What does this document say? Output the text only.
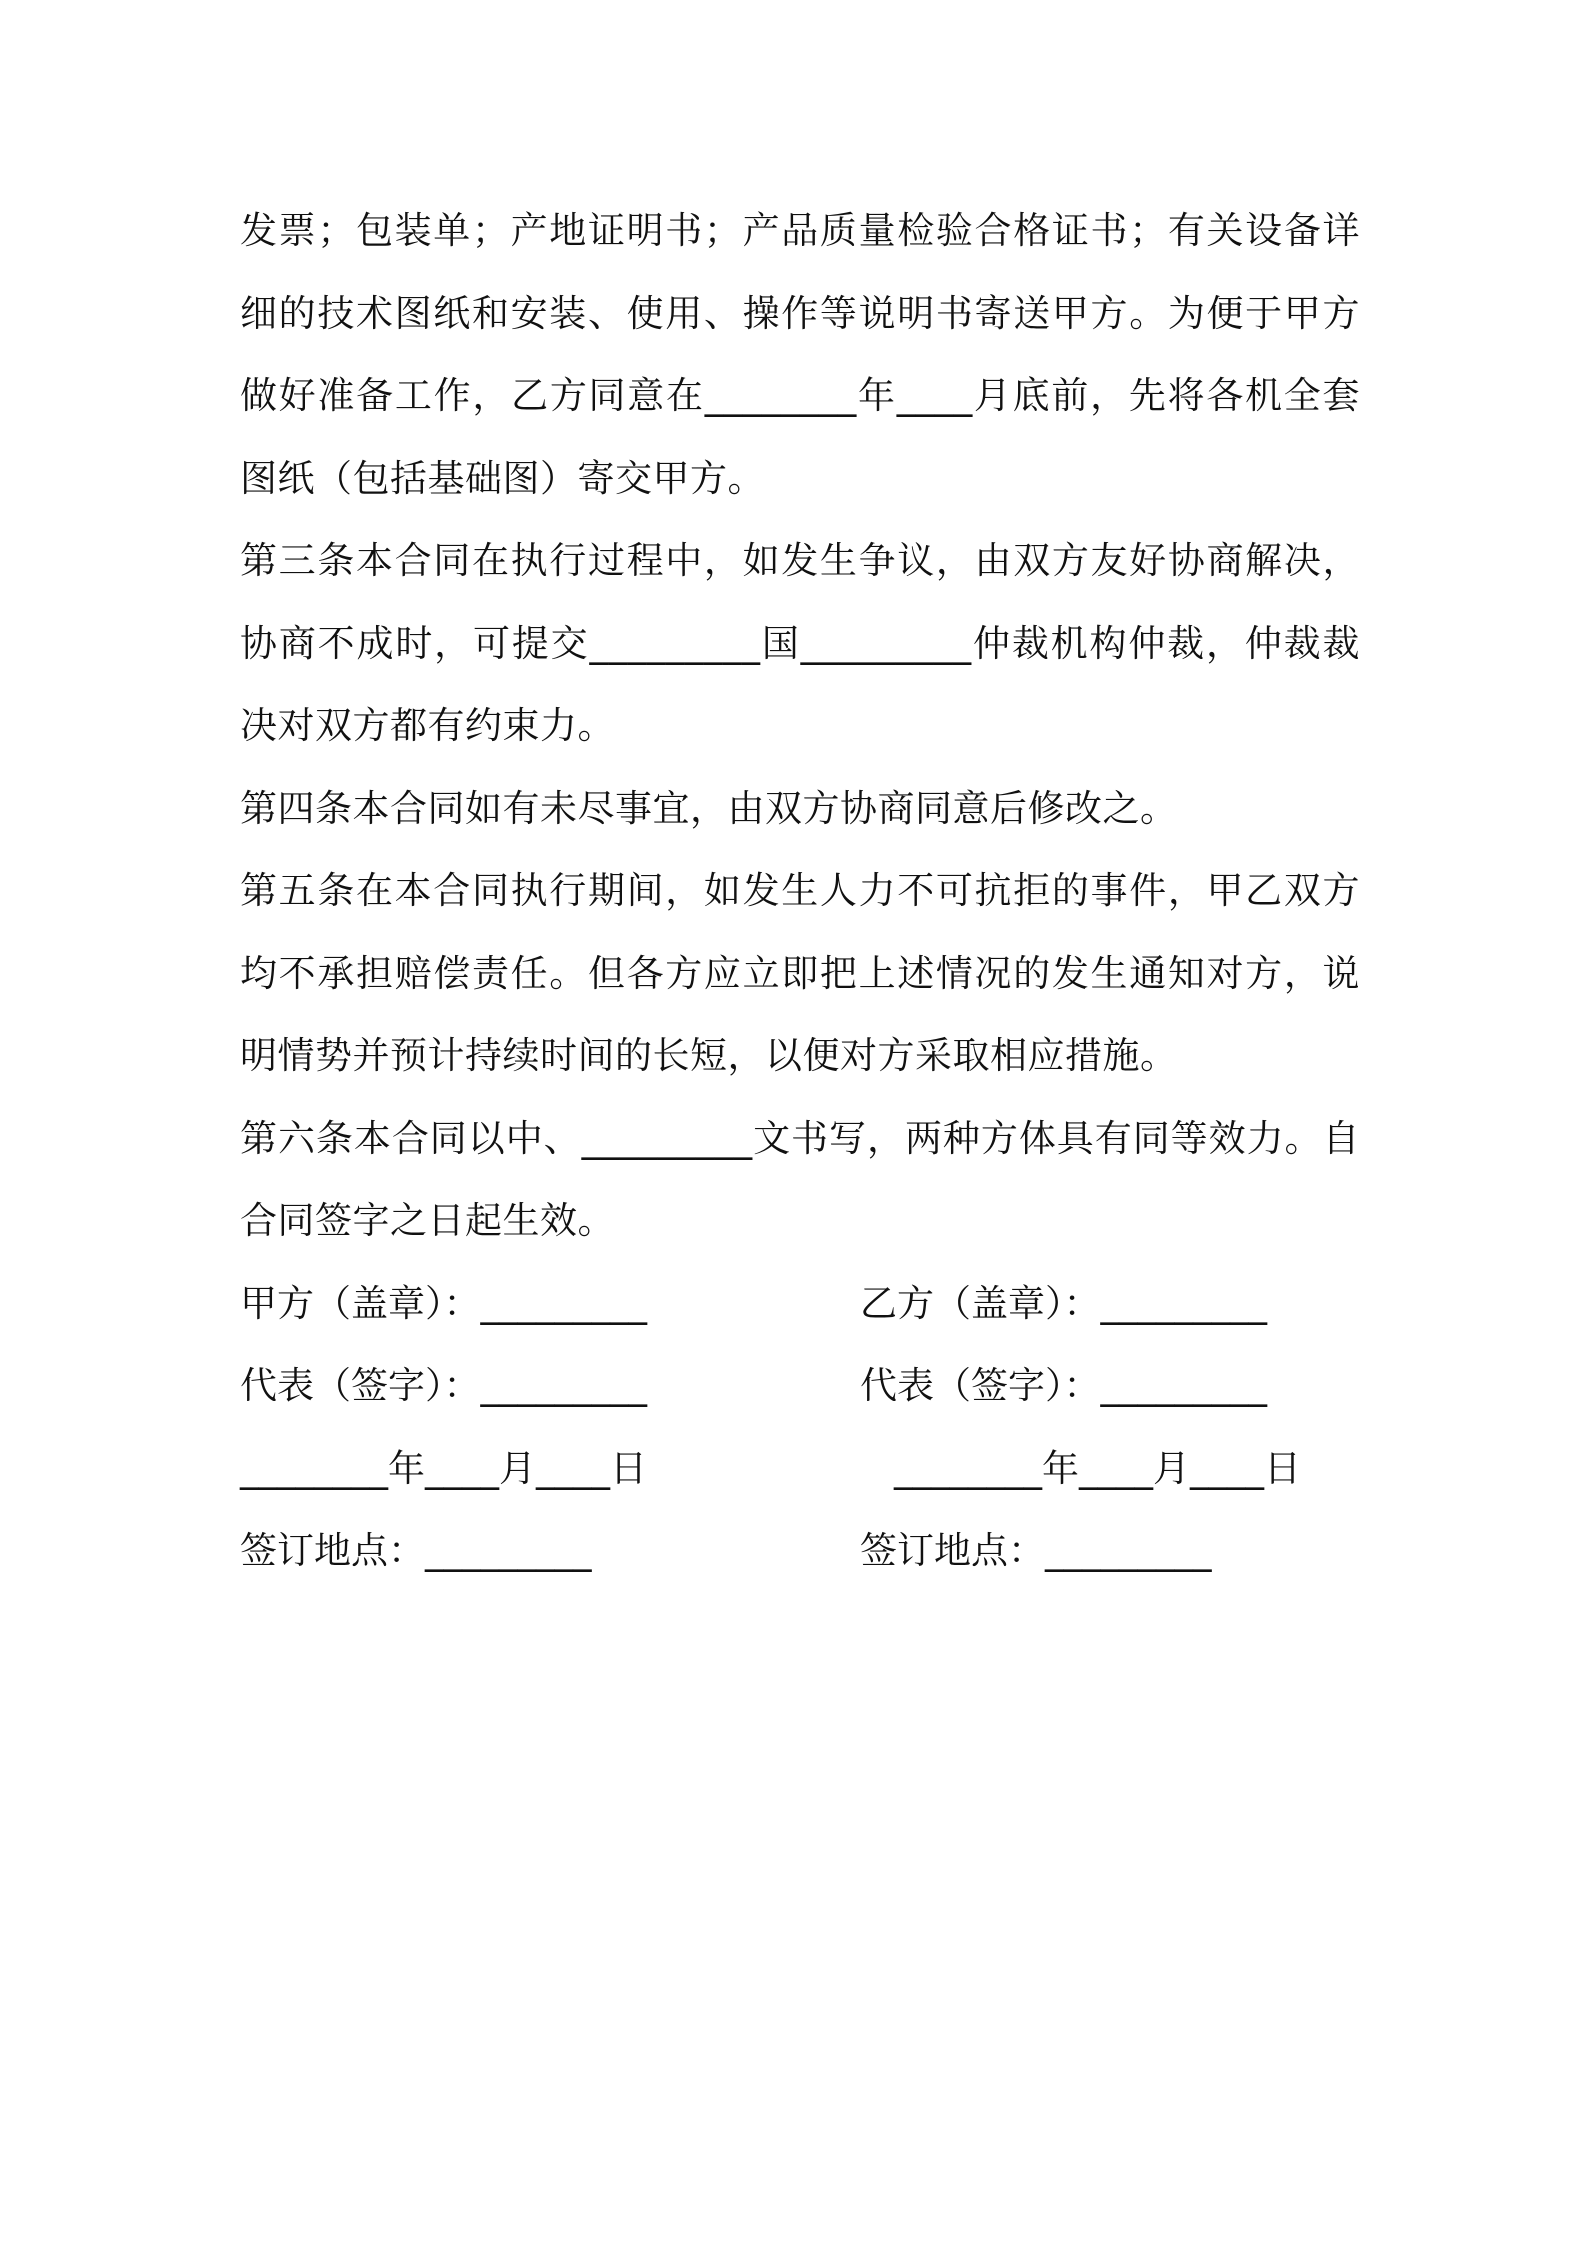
发票；包装单；产地证明书；产品质量检验合格证书；有关设备详细的技术图纸和安装、使用、操作等说明书寄送甲方。为便于甲方做好准备工作，乙方同意在________年____月底前，先将各机全套图纸（包括基础图）寄交甲方。

第三条本合同在执行过程中，如发生争议，由双方友好协商解决，协商不成时，可提交_________国_________仲裁机构仲裁，仲裁裁决对双方都有约束力。

第四条本合同如有未尽事宜，由双方协商同意后修改之。

第五条在本合同执行期间，如发生人力不可抗拒的事件，甲乙双方均不承担赔偿责任。但各方应立即把上述情况的发生通知对方，说明情势并预计持续时间的长短，以便对方采取相应措施。

第六条本合同以中、_________文书写，两种方体具有同等效力。自合同签字之日起生效。

甲方（盖章）：_________	乙方（盖章）：_________
代表（签字）：_________	代表（签字）：_________
________年____月____日	________年____月____日
签订地点：_________	签订地点：_________
